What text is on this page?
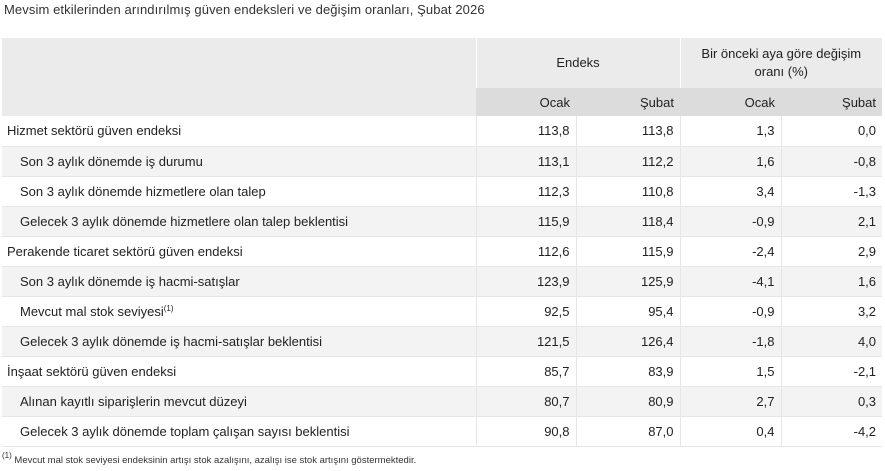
Mevsim etkilerinden arındırılmış güven endeksleri ve değişim oranları, Şubat 2026
	Endeks		Bir önceki aya göre değişim oranı (%)	
	Ocak	Şubat	Ocak	Şubat
Hizmet sektörü güven endeksi	113,8	113,8	1,3	0,0
Son 3 aylık dönemde iş durumu	113,1	112,2	1,6	-0,8
Son 3 aylık dönemde hizmetlere olan talep	112,3	110,8	3,4	-1,3
Gelecek 3 aylık dönemde hizmetlere olan talep beklentisi	115,9	118,4	-0,9	2,1
Perakende ticaret sektörü güven endeksi	112,6	115,9	-2,4	2,9
Son 3 aylık dönemde iş hacmi-satışlar	123,9	125,9	-4,1	1,6
Mevcut mal stok seviyesi$^{(1)}$	92,5	95,4	-0,9	3,2
Gelecek 3 aylık dönemde iş hacmi-satışlar beklentisi	121,5	126,4	-1,8	4,0
İnşaat sektörü güven endeksi	85,7	83,9	1,5	-2,1
Alınan kayıtlı siparişlerin mevcut düzeyi	80,7	80,9	2,7	0,3
Gelecek 3 aylık dönemde toplam çalışan sayısı beklentisi	90,8	87,0	0,4	-4,2
$^{(1)}$ Mevcut mal stok seviyesi endeksinin artışı stok azalışını, azalışı ise stok artışını göstermektedir.
